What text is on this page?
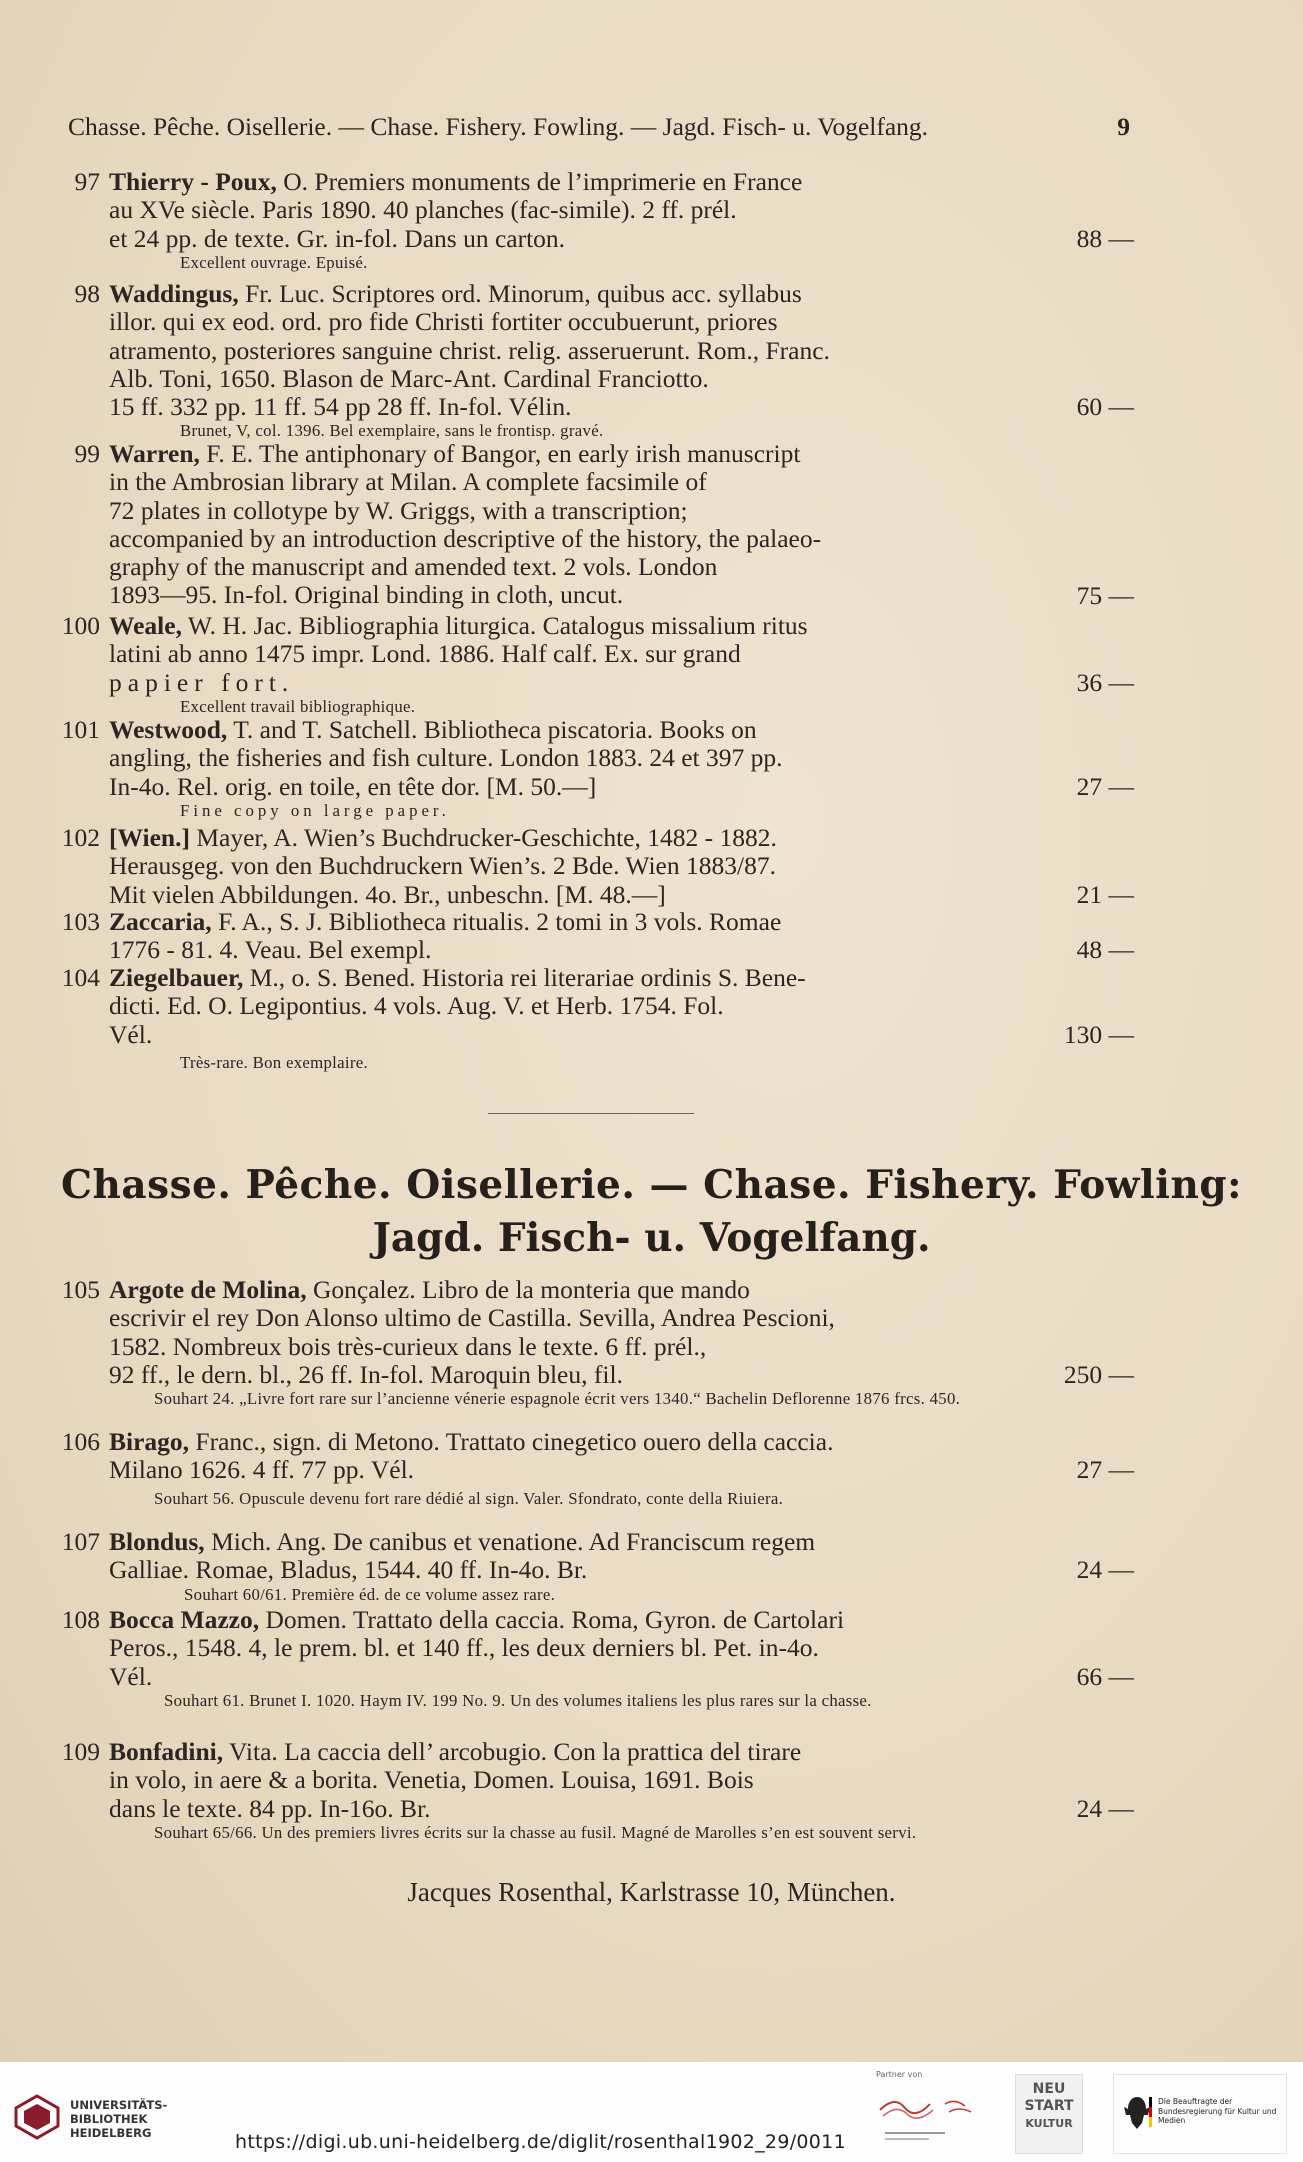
Chasse. Pêche. Oisellerie. — Chase. Fishery. Fowling. — Jagd. Fisch- u. Vogelfang.	9
97 Thierry - Poux, O. Premiers monuments de l’imprimerie en France
au XVe siècle. Paris 1890. 40 planches (fac-simile). 2 ff. prél.
et 24 pp. de texte. Gr. in-fol. Dans un carton.	88 —
Excellent ouvrage. Epuisé.
98 Waddingus, Fr. Luc. Scriptores ord. Minorum, quibus acc. syllabus
illor. qui ex eod. ord. pro fide Christi fortiter occubuerunt, priores
atramento, posteriores sanguine christ. relig. asseruerunt. Rom., Franc.
Alb. Toni, 1650. Blason de Marc-Ant. Cardinal Franciotto.
15 ff. 332 pp. 11 ff. 54 pp 28 ff. In-fol. Vélin.	60 —
Brunet, V, col. 1396. Bel exemplaire, sans le frontisp. gravé.
99 Warren, F. E. The antiphonary of Bangor, en early irish manuscript
in the Ambrosian library at Milan. A complete facsimile of
72 plates in collotype by W. Griggs, with a transcription;
accompanied by an introduction descriptive of the history, the palaeo-
graphy of the manuscript and amended text. 2 vols. London
1893—95. In-fol. Original binding in cloth, uncut.	75 —
100 Weale, W. H. Jac. Bibliographia liturgica. Catalogus missalium ritus
latini ab anno 1475 impr. Lond. 1886. Half calf. Ex. sur grand
papier fort.	36 —
Excellent travail bibliographique.
101 Westwood, T. and T. Satchell. Bibliotheca piscatoria. Books on
angling, the fisheries and fish culture. London 1883. 24 et 397 pp.
In-4o. Rel. orig. en toile, en tête dor. [M. 50.—]	27 —
Fine copy on large paper.
102 [Wien.] Mayer, A. Wien’s Buchdrucker-Geschichte, 1482 - 1882.
Herausgeg. von den Buchdruckern Wien’s. 2 Bde. Wien 1883/87.
Mit vielen Abbildungen. 4o. Br., unbeschn. [M. 48.—]	21 —
103 Zaccaria, F. A., S. J. Bibliotheca ritualis. 2 tomi in 3 vols. Romae
1776 - 81. 4. Veau. Bel exempl.	48 —
104 Ziegelbauer, M., o. S. Bened. Historia rei literariae ordinis S. Bene-
dicti. Ed. O. Legipontius. 4 vols. Aug. V. et Herb. 1754. Fol.
Vél.	130 —
Très-rare. Bon exemplaire.
Chasse. Pêche. Oisellerie. — Chase. Fishery. Fowling:
Jagd. Fisch- u. Vogelfang.
105 Argote de Molina, Gonçalez. Libro de la monteria que mando
escrivir el rey Don Alonso ultimo de Castilla. Sevilla, Andrea Pescioni,
1582. Nombreux bois très-curieux dans le texte. 6 ff. prél.,
92 ff., le dern. bl., 26 ff. In-fol. Maroquin bleu, fil.	250 —
Souhart 24. „Livre fort rare sur l’ancienne vénerie espagnole écrit vers 1340.“ Bachelin Deflorenne 1876 frcs. 450.
106 Birago, Franc., sign. di Metono. Trattato cinegetico ouero della caccia.
Milano 1626. 4 ff. 77 pp. Vél.	27 —
Souhart 56. Opuscule devenu fort rare dédié al sign. Valer. Sfondrato, conte della Riuiera.
107 Blondus, Mich. Ang. De canibus et venatione. Ad Franciscum regem
Galliae. Romae, Bladus, 1544. 40 ff. In-4o. Br.	24 —
Souhart 60/61. Première éd. de ce volume assez rare.
108 Bocca Mazzo, Domen. Trattato della caccia. Roma, Gyron. de Cartolari
Peros., 1548. 4, le prem. bl. et 140 ff., les deux derniers bl. Pet. in-4o.
Vél.	66 —
Souhart 61. Brunet I. 1020. Haym IV. 199 No. 9. Un des volumes italiens les plus rares sur la chasse.
109 Bonfadini, Vita. La caccia dell’ arcobugio. Con la prattica del tirare
in volo, in aere & a borita. Venetia, Domen. Louisa, 1691. Bois
dans le texte. 84 pp. In-16o. Br.	24 —
Souhart 65/66. Un des premiers livres écrits sur la chasse au fusil. Magné de Marolles s’en est souvent servi.
Jacques Rosenthal, Karlstrasse 10, München.
UNIVERSITÄTS-
BIBLIOTHEK
HEIDELBERG
Partner von
NEU
START
KULTUR
Die Beauftragte der Bundesregierung für Kultur und Medien
https://digi.ub.uni-heidelberg.de/diglit/rosenthal1902_29/0011
